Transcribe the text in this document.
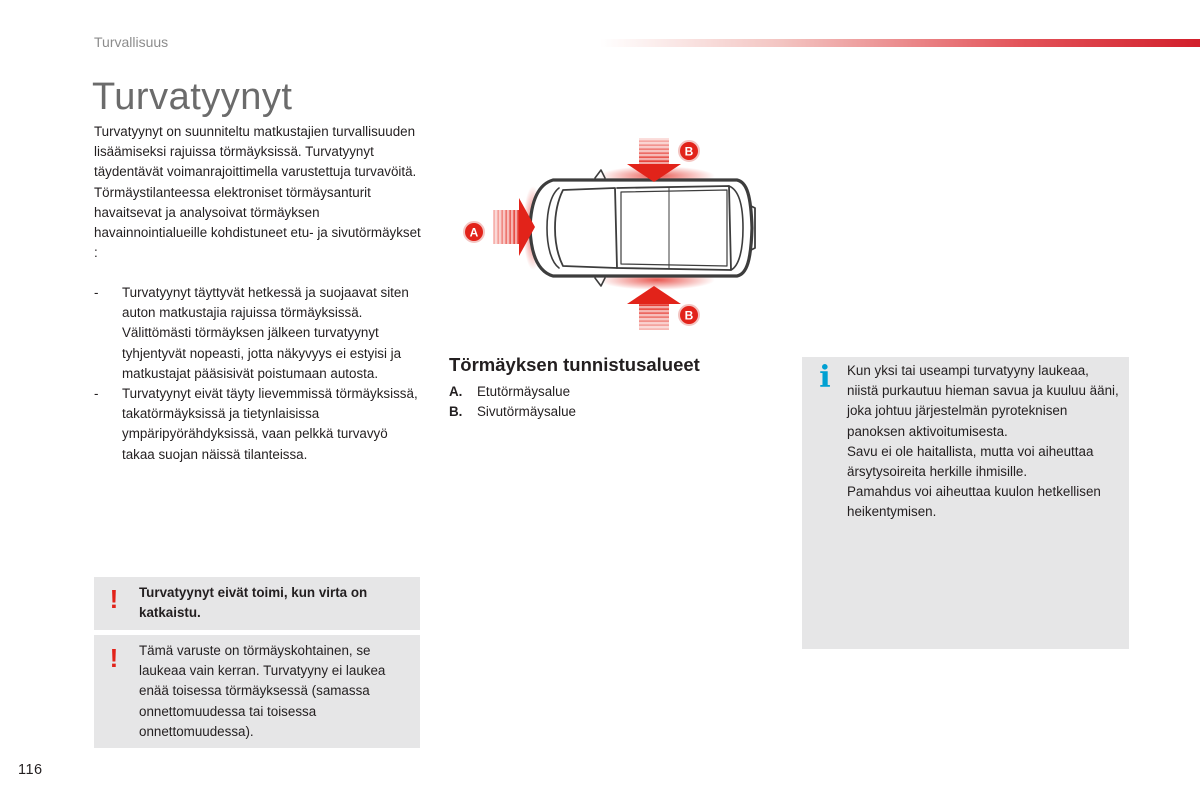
Turvallisuus
Turvatyynyt

Turvatyynyt on suunniteltu matkustajien turvallisuuden lisäämiseksi rajuissa törmäyksissä. Turvatyynyt täydentävät voimanrajoittimella varustettuja turvavöitä. Törmäystilanteessa elektroniset törmäysanturit havaitsevat ja analysoivat törmäyksen havainnointialueille kohdistuneet etu- ja sivutörmäykset :

- Turvatyynyt täyttyvät hetkessä ja suojaavat siten auton matkustajia rajuissa törmäyksissä. Välittömästi törmäyksen jälkeen turvatyynyt tyhjentyvät nopeasti, jotta näkyvyys ei estyisi ja matkustajat pääsisivät poistumaan autosta.
- Turvatyynyt eivät täyty lievemmissä törmäyksissä, takatörmäyksissä ja tietynlaisissa ympäripyörähdyksissä, vaan pelkkä turvavyö takaa suojan näissä tilanteissa.
! Turvatyynyt eivät toimi, kun virta on katkaistu.
! Tämä varuste on törmäyskohtainen, se laukeaa vain kerran. Turvatyyny ei laukea enää toisessa törmäyksessä (samassa onnettomuudessa tai toisessa onnettomuudessa).
B
B
A
Törmäyksen tunnistusalueet
A. Etutörmäysalue
B. Sivutörmäysalue
i Kun yksi tai useampi turvatyyny laukeaa, niistä purkautuu hieman savua ja kuuluu ääni, joka johtuu järjestelmän pyroteknisen panoksen aktivoitumisesta.

Savu ei ole haitallista, mutta voi aiheuttaa ärsytysoireita herkille ihmisille.

Pamahdus voi aiheuttaa kuulon hetkellisen heikentymisen.

116
